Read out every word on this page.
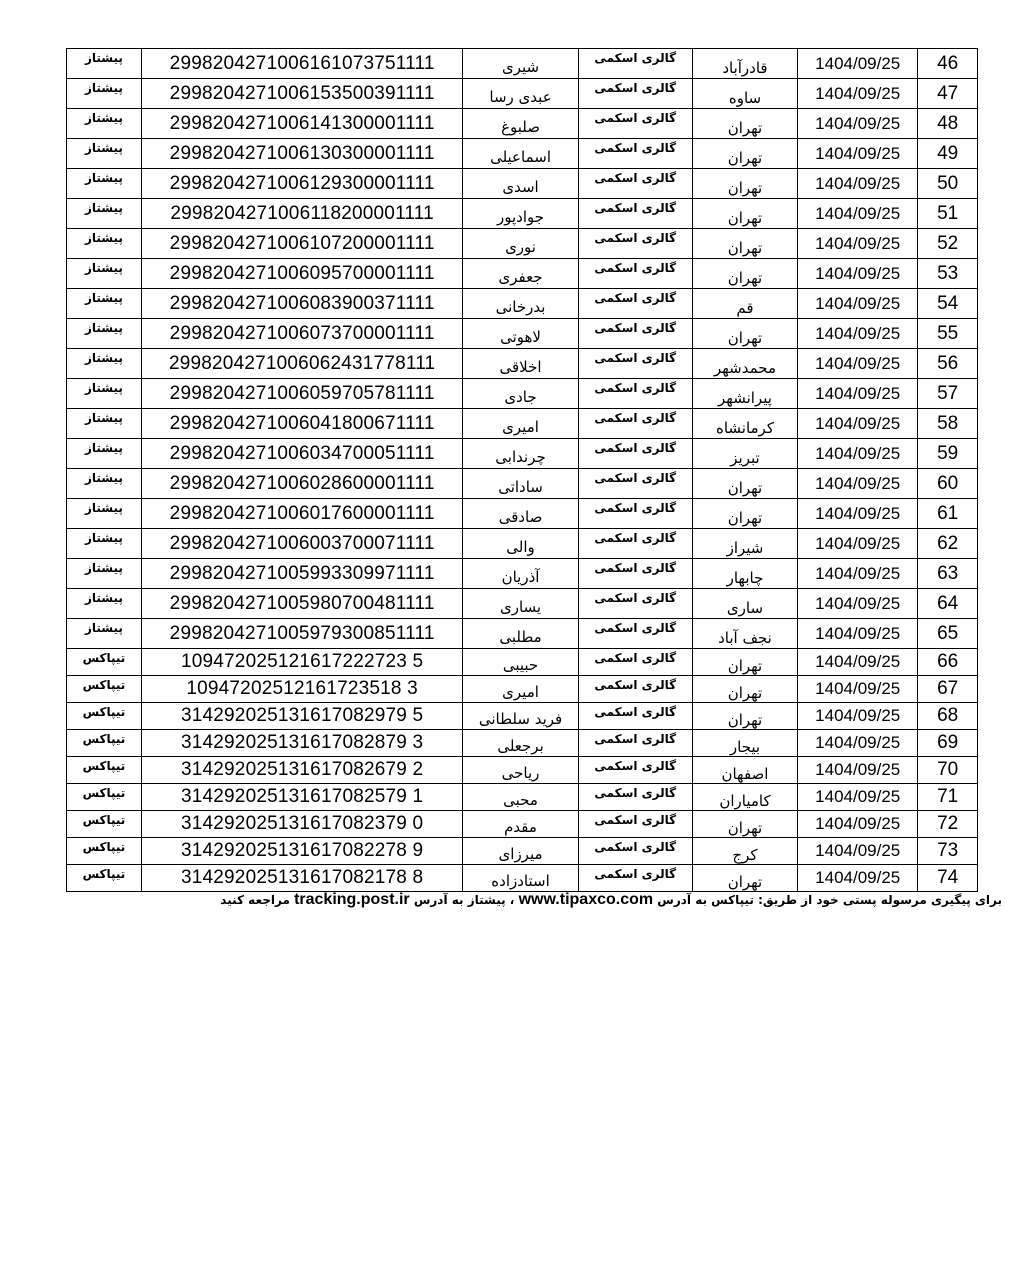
46	1404/09/25	قادرآباد	گالری اسکمی	شیری	2998204271006161073751111	پیشتاز
47	1404/09/25	ساوه	گالری اسکمی	عبدی رسا	2998204271006153500391111	پیشتاز
48	1404/09/25	تهران	گالری اسکمی	صلبوغ	2998204271006141300001111	پیشتاز
49	1404/09/25	تهران	گالری اسکمی	اسماعیلی	2998204271006130300001111	پیشتاز
50	1404/09/25	تهران	گالری اسکمی	اسدی	2998204271006129300001111	پیشتاز
51	1404/09/25	تهران	گالری اسکمی	جوادپور	2998204271006118200001111	پیشتاز
52	1404/09/25	تهران	گالری اسکمی	نوری	2998204271006107200001111	پیشتاز
53	1404/09/25	تهران	گالری اسکمی	جعفری	2998204271006095700001111	پیشتاز
54	1404/09/25	قم	گالری اسکمی	بدرخانی	2998204271006083900371111	پیشتاز
55	1404/09/25	تهران	گالری اسکمی	لاهوتی	2998204271006073700001111	پیشتاز
56	1404/09/25	محمدشهر	گالری اسکمی	اخلاقی	2998204271006062431778111	پیشتاز
57	1404/09/25	پیرانشهر	گالری اسکمی	جادی	2998204271006059705781111	پیشتاز
58	1404/09/25	کرمانشاه	گالری اسکمی	امیری	2998204271006041800671111	پیشتاز
59	1404/09/25	تبریز	گالری اسکمی	چرندابی	2998204271006034700051111	پیشتاز
60	1404/09/25	تهران	گالری اسکمی	ساداتی	2998204271006028600001111	پیشتاز
61	1404/09/25	تهران	گالری اسکمی	صادقی	2998204271006017600001111	پیشتاز
62	1404/09/25	شیراز	گالری اسکمی	والی	2998204271006003700071111	پیشتاز
63	1404/09/25	چابهار	گالری اسکمی	آذریان	2998204271005993309971111	پیشتاز
64	1404/09/25	ساری	گالری اسکمی	یساری	2998204271005980700481111	پیشتاز
65	1404/09/25	نجف آباد	گالری اسکمی	مطلبی	2998204271005979300851111	پیشتاز
66	1404/09/25	تهران	گالری اسکمی	حبیبی	109472025121617222723 5	تیپاکس
67	1404/09/25	تهران	گالری اسکمی	امیری	10947202512161723518 3	تیپاکس
68	1404/09/25	تهران	گالری اسکمی	فرید سلطانی	314292025131617082979 5	تیپاکس
69	1404/09/25	بیجار	گالری اسکمی	برجعلی	314292025131617082879 3	تیپاکس
70	1404/09/25	اصفهان	گالری اسکمی	ریاحی	314292025131617082679 2	تیپاکس
71	1404/09/25	کامیاران	گالری اسکمی	محبی	314292025131617082579 1	تیپاکس
72	1404/09/25	تهران	گالری اسکمی	مقدم	314292025131617082379 0	تیپاکس
73	1404/09/25	کرج	گالری اسکمی	میرزای	314292025131617082278 9	تیپاکس
74	1404/09/25	تهران	گالری اسکمی	استادزاده	314292025131617082178 8	تیپاکس
برای پیگیری مرسوله پستی خود از طریق: تیپاکس به آدرس www.tipaxco.com ، پیشتاز به آدرس tracking.post.ir مراجعه کنید
